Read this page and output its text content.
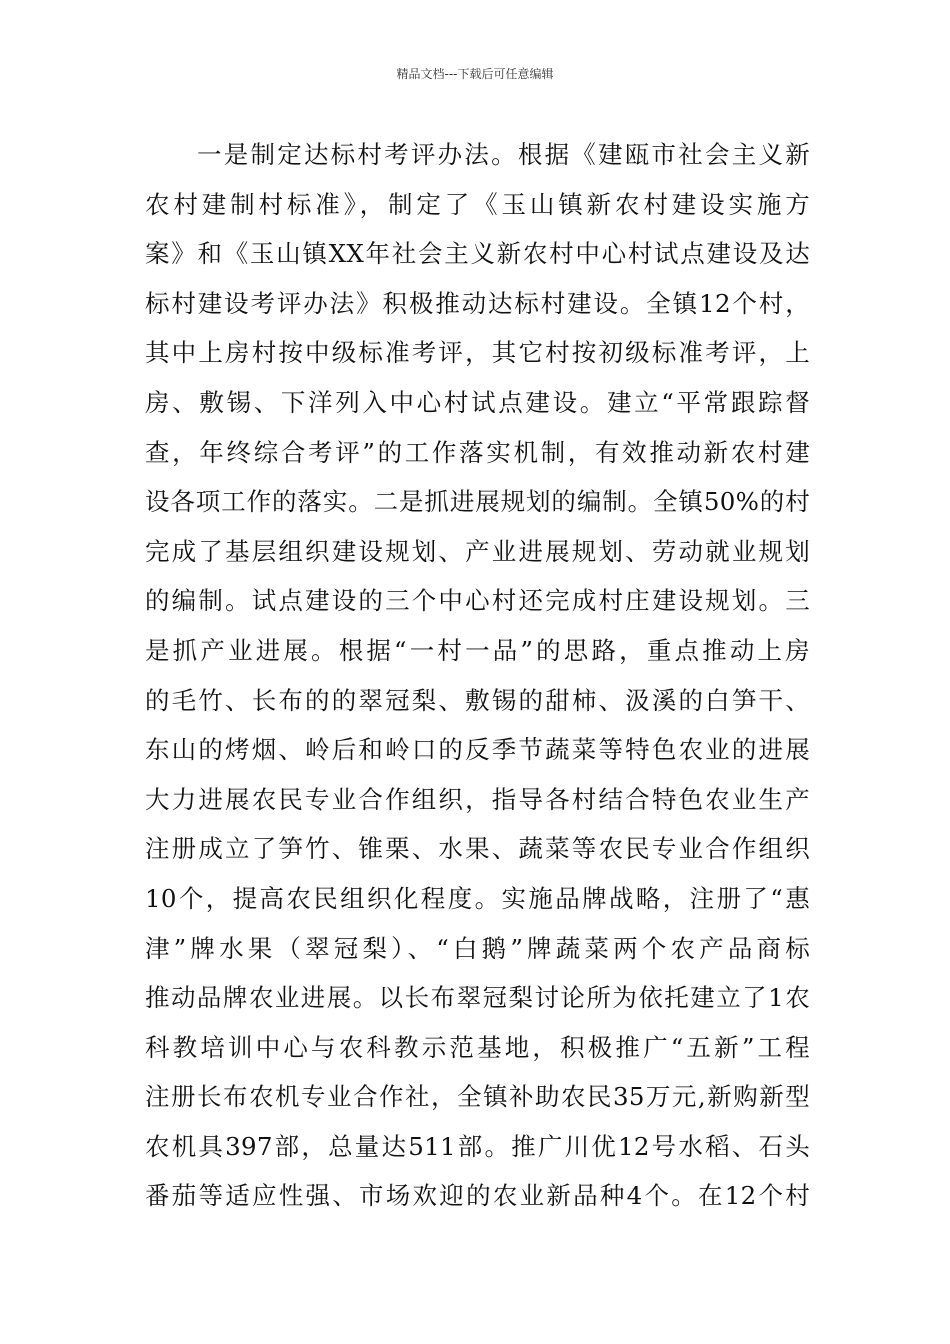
精品文档---下载后可任意编辑
一是制定达标村考评办法。根据《建瓯市社会主义新
农村建制村标准》，制定了《玉山镇新农村建设实施方
案》和《玉山镇XX年社会主义新农村中心村试点建设及达
标村建设考评办法》积极推动达标村建设。全镇12个村，
其中上房村按中级标准考评，其它村按初级标准考评，上
房、敷锡、下洋列入中心村试点建设。建立“平常跟踪督
查，年终综合考评”的工作落实机制，有效推动新农村建
设各项工作的落实。二是抓进展规划的编制。全镇50%的村
完成了基层组织建设规划、产业进展规划、劳动就业规划
的编制。试点建设的三个中心村还完成村庄建设规划。三
是抓产业进展。根据“一村一品”的思路，重点推动上房
的毛竹、长布的的翠冠梨、敷锡的甜柿、汲溪的白笋干、
东山的烤烟、岭后和岭口的反季节蔬菜等特色农业的进展
大力进展农民专业合作组织，指导各村结合特色农业生产
注册成立了笋竹、锥栗、水果、蔬菜等农民专业合作组织
10个，提高农民组织化程度。实施品牌战略，注册了“惠
津”牌水果（翠冠梨）、“白鹅”牌蔬菜两个农产品商标
推动品牌农业进展。以长布翠冠梨讨论所为依托建立了1农
科教培训中心与农科教示范基地，积极推广“五新”工程
注册长布农机专业合作社，全镇补助农民35万元,新购新型
农机具397部，总量达511部。推广川优12号水稻、石头
番茄等适应性强、市场欢迎的农业新品种4个。在12个村
